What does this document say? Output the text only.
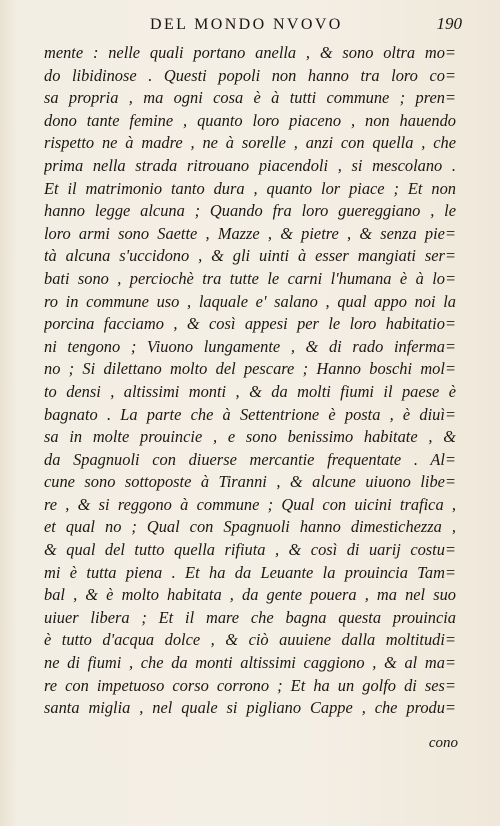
DEL MONDO NVOVO	190
mente : nelle quali portano anella , & sono oltra mo=
do libidinose . Questi popoli non hanno tra loro co=
sa propria , ma ogni cosa è à tutti commune ; pren=
dono tante femine , quanto loro piaceno , non hauendo
rispetto ne à madre , ne à sorelle , anzi con quella , che
prima nella strada ritrouano piacendoli , si mescolano .
Et il matrimonio tanto dura , quanto lor piace ; Et non
hanno legge alcuna ; Quando fra loro guereggiano , le
loro armi sono Saette , Mazze , & pietre , & senza pie=
tà alcuna s'uccidono , & gli uinti à esser mangiati ser=
bati sono , perciochè tra tutte le carni l'humana è à lo=
ro in commune uso , laquale e' salano , qual appo noi la
porcina facciamo , & così appesi per le loro habitatio=
ni tengono ; Viuono lungamente , & di rado inferma=
no ; Si dilettano molto del pescare ; Hanno boschi mol=
to densi , altissimi monti , & da molti fiumi il paese è
bagnato . La parte che à Settentrione è posta , è diuì=
sa in molte prouincie , e sono benissimo habitate , &
da Spagnuoli con diuerse mercantie frequentate . Al=
cune sono sottoposte à Tiranni , & alcune uiuono libe=
re , & si reggono à commune ; Qual con uicini trafica ,
et qual no ; Qual con Spagnuoli hanno dimestichezza ,
& qual del tutto quella rifiuta , & così di uarij costu=
mi è tutta piena . Et ha da Leuante la prouincia Tam=
bal , & è molto habitata , da gente pouera , ma nel suo
uiuer libera ; Et il mare che bagna questa prouincia
è tutto d'acqua dolce , & ciò auuiene dalla moltitudi=
ne di fiumi , che da monti altissimi caggiono , & al ma=
re con impetuoso corso corrono ; Et ha un golfo di ses=
santa miglia , nel quale si pigliano Cappe , che produ=
cono
